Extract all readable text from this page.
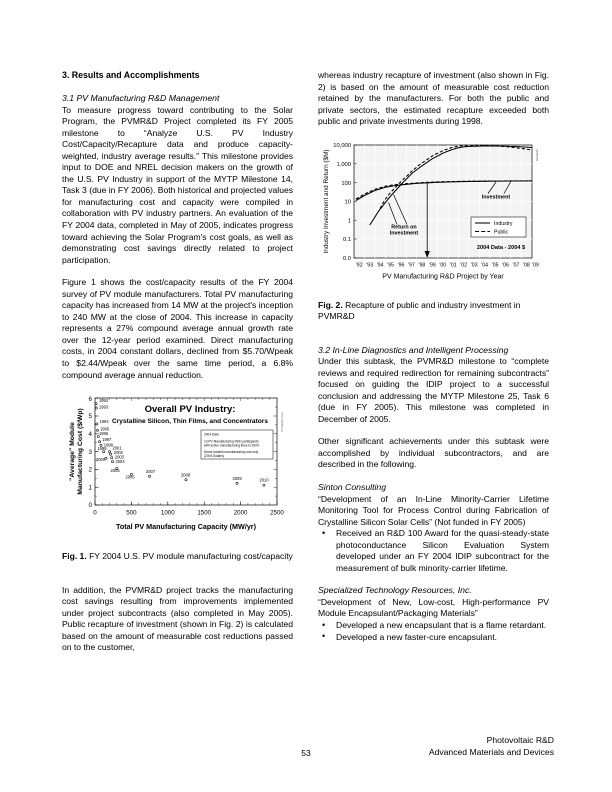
3. Results and Accomplishments
3.1 PV Manufacturing R&D Management

To measure progress toward contributing to the Solar Program, the PVMR&D Project completed its FY 2005 milestone to “Analyze U.S. PV Industry Cost/Capacity/Recapture data and produce capacity-weighted, industry average results.” This milestone provides input to DOE and NREL decision makers on the growth of the U.S. PV Industry in support of the MYTP Milestone 14, Task 3 (due in FY 2006). Both historical and projected values for manufacturing cost and capacity were compiled in collaboration with PV industry partners. An evaluation of the FY 2004 data, completed in May of 2005, indicates progress toward achieving the Solar Program's cost goals, as well as demonstrating cost savings directly related to project participation.

Figure 1 shows the cost/capacity results of the FY 2004 survey of PV module manufacturers. Total PV manufacturing capacity has increased from 14 MW at the project's inception to 240 MW at the close of 2004. This increase in capacity represents a 27% compound average annual growth rate over the 12-year period examined. Direct manufacturing costs, in 2004 constant dollars, declined from $5.70/Wpeak to $2.44/Wpeak over the same time period, a 6.8% compound average annual reduction.

0
1
2
3
4
5
6
0	500	1000	1500	2000	2500
Overall PV Industry:
Crystalline Silicon, Thin Films, and Concentrators
2004 Data
13 PV Manufacturing R&D participants
with active manufacturing lines in 2004
Direct module manufacturing cost only
(2004 Dollars)
1992
1993
1994
1995
1996
1997
1998
1999
2000
2001
2002
2003
2004
2005
2006
2007
2008
2009	2010
Total PV Manufacturing Capacity (MW/yr)
"Average" Module Manufacturing Cost ($/Wp)	PV Industry Cost

Fig. 1. FY 2004 U.S. PV module manufacturing cost/capacity

In addition, the PVMR&D project tracks the manufacturing cost savings resulting from improvements implemented under project subcontracts (also completed in May 2005). Public recapture of investment (shown in Fig. 2) is calculated based on the amount of measurable cost reductions passed on to the customer,

whereas industry recapture of investment (also shown in Fig. 2) is based on the amount of measurable cost reduction retained by the manufacturers. For both the public and private sectors, the estimated recapture exceeded both public and private investments during 1998.

10,000
1,000
100
10
1
0.1
0.0
'92 '93 '94 '95 '96 '97 '98 '99 '00 '01 '02 '03 '04 '05 '06 '07 '08 '09
Investment
Return on
Investment
Industry
Public
2004 Data - 2004 $
PV Manufacturing R&D Project by Year
Industry Investment and Return ($M)	Recapture

Fig. 2. Recapture of public and industry investment in PVMR&D

3.2 In-Line Diagnostics and Intelligent Processing

Under this subtask, the PVMR&D milestone to “complete reviews and required redirection for remaining subcontracts” focused on guiding the IDIP project to a successful conclusion and addressing the MYTP Milestone 25, Task 6 (due in FY 2005). This milestone was completed in December of 2005.

Other significant achievements under this subtask were accomplished by individual subcontractors, and are described in the following.

Sinton Consulting

“Development of an In-Line Minority-Carrier Lifetime Monitoring Tool for Process Control during Fabrication of Crystalline Silicon Solar Cells” (Not funded in FY 2005)

• Received an R&D 100 Award for the quasi-steady-state photoconductance Silicon Evaluation System developed under an FY 2004 IDIP subcontract for the measurement of bulk minority-carrier lifetime.
Specialized Technology Resources, Inc.

“Development of New, Low-cost, High-performance PV Module Encapsulant/Packaging Materials”

• Developed a new encapsulant that is a flame retardant.
• Developed a new faster-cure encapsulant.
Photovoltaic R&D
Advanced Materials and Devices
53
